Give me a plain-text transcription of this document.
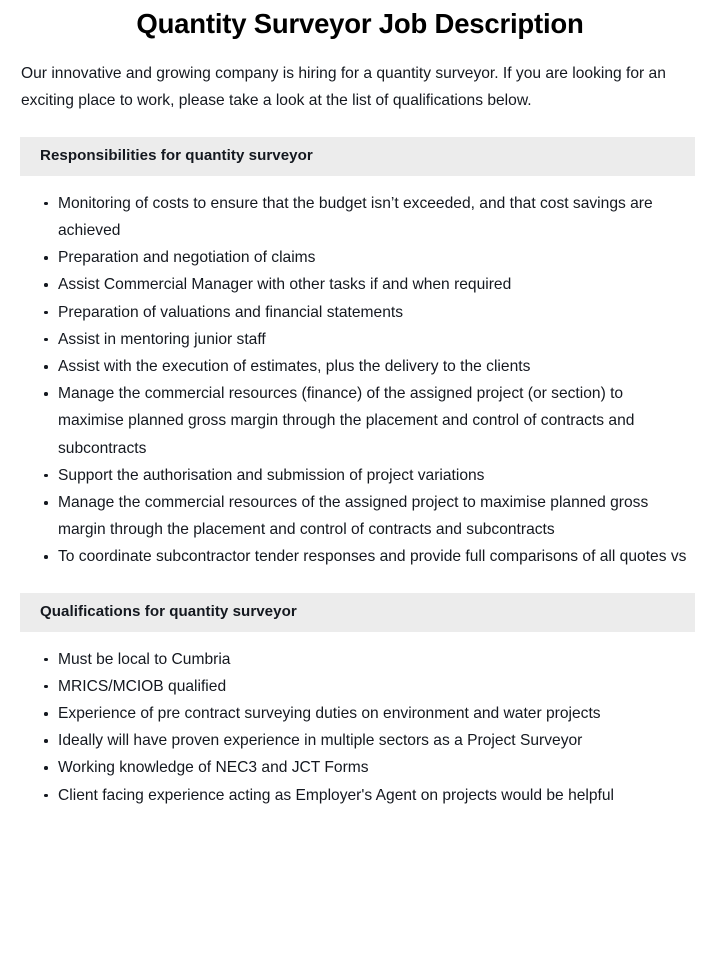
Quantity Surveyor Job Description

Our innovative and growing company is hiring for a quantity surveyor. If you are looking for an exciting place to work, please take a look at the list of qualifications below.

Responsibilities for quantity surveyor
Monitoring of costs to ensure that the budget isn’t exceeded, and that cost savings are achieved
Preparation and negotiation of claims
Assist Commercial Manager with other tasks if and when required
Preparation of valuations and financial statements
Assist in mentoring junior staff
Assist with the execution of estimates, plus the delivery to the clients
Manage the commercial resources (finance) of the assigned project (or section) to maximise planned gross margin through the placement and control of contracts and subcontracts
Support the authorisation and submission of project variations
Manage the commercial resources of the assigned project to maximise planned gross margin through the placement and control of contracts and subcontracts
To coordinate subcontractor tender responses and provide full comparisons of all quotes vs
Qualifications for quantity surveyor
Must be local to Cumbria
MRICS/MCIOB qualified
Experience of pre contract surveying duties on environment and water projects
Ideally will have proven experience in multiple sectors as a Project Surveyor
Working knowledge of NEC3 and JCT Forms
Client facing experience acting as Employer's Agent on projects would be helpful
